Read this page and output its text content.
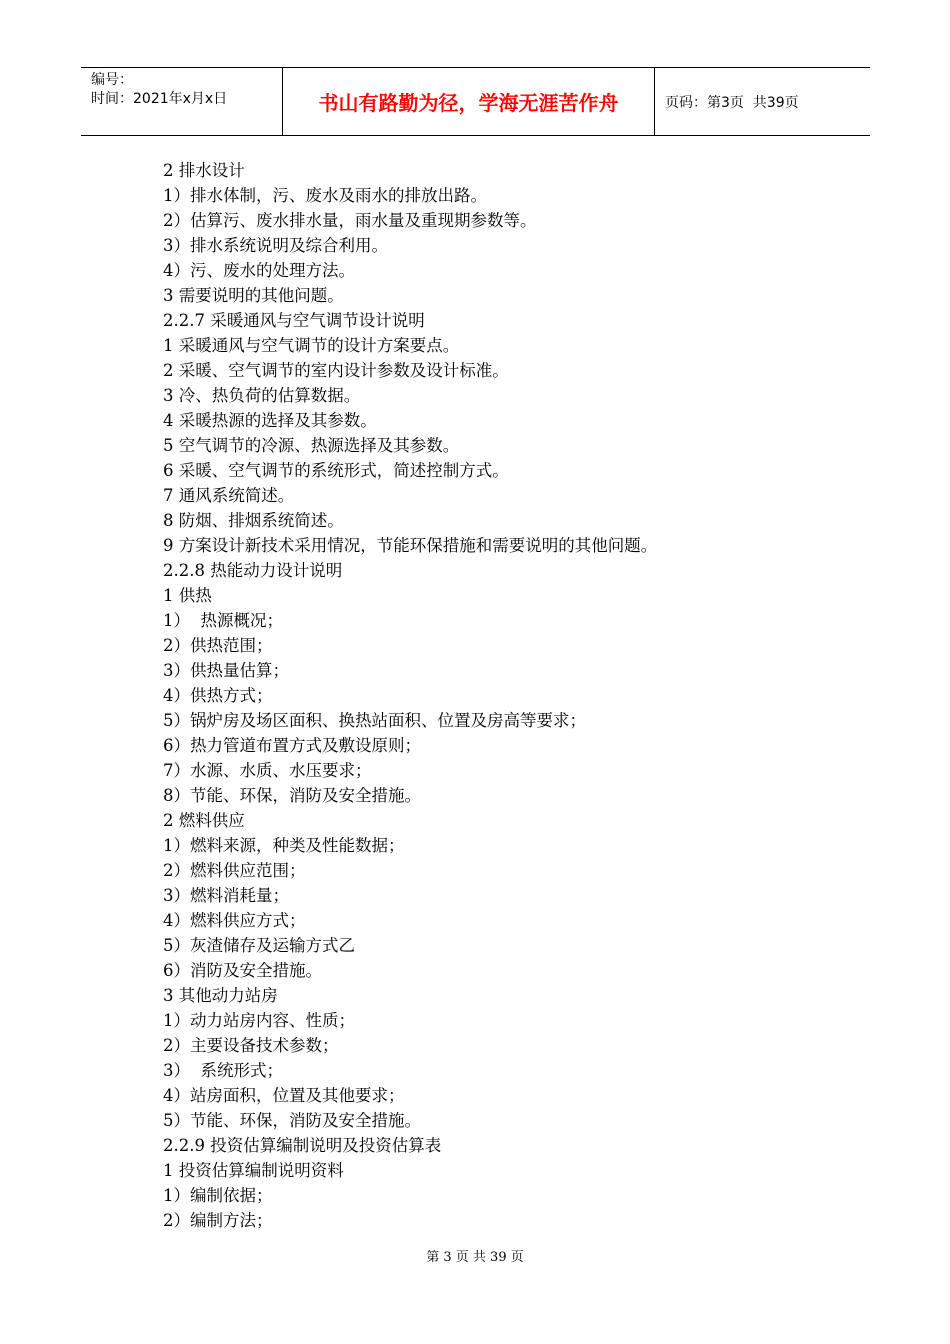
编号：
时间：2021年x月x日	书山有路勤为径，学海无涯苦作舟	页码：第3页  共39页
2 排水设计
1）排水体制，污、废水及雨水的排放出路。
2）估算污、废水排水量，雨水量及重现期参数等。
3）排水系统说明及综合利用。
4）污、废水的处理方法。
3 需要说明的其他问题。
2.2.7 采暖通风与空气调节设计说明
1 采暖通风与空气调节的设计方案要点。
2 采暖、空气调节的室内设计参数及设计标准。
3 冷、热负荷的估算数据。
4 采暖热源的选择及其参数。
5 空气调节的冷源、热源选择及其参数。
6 采暖、空气调节的系统形式，简述控制方式。
7 通风系统简述。
8 防烟、排烟系统简述。
9 方案设计新技术采用情况，节能环保措施和需要说明的其他问题。
2.2.8 热能动力设计说明
1 供热
1）  热源概况；
2）供热范围；
3）供热量估算；
4）供热方式；
5）锅炉房及场区面积、换热站面积、位置及房高等要求；
6）热力管道布置方式及敷设原则；
7）水源、水质、水压要求；
8）节能、环保，消防及安全措施。
2 燃料供应
1）燃料来源，种类及性能数据；
2）燃料供应范围；
3）燃料消耗量；
4）燃料供应方式；
5）灰渣储存及运输方式乙
6）消防及安全措施。
3 其他动力站房
1）动力站房内容、性质；
2）主要设备技术参数；
3）  系统形式；
4）站房面积，位置及其他要求；
5）节能、环保，消防及安全措施。
2.2.9 投资估算编制说明及投资估算表
1 投资估算编制说明资料
1）编制依据；
2）编制方法；
第 3 页 共 39 页
